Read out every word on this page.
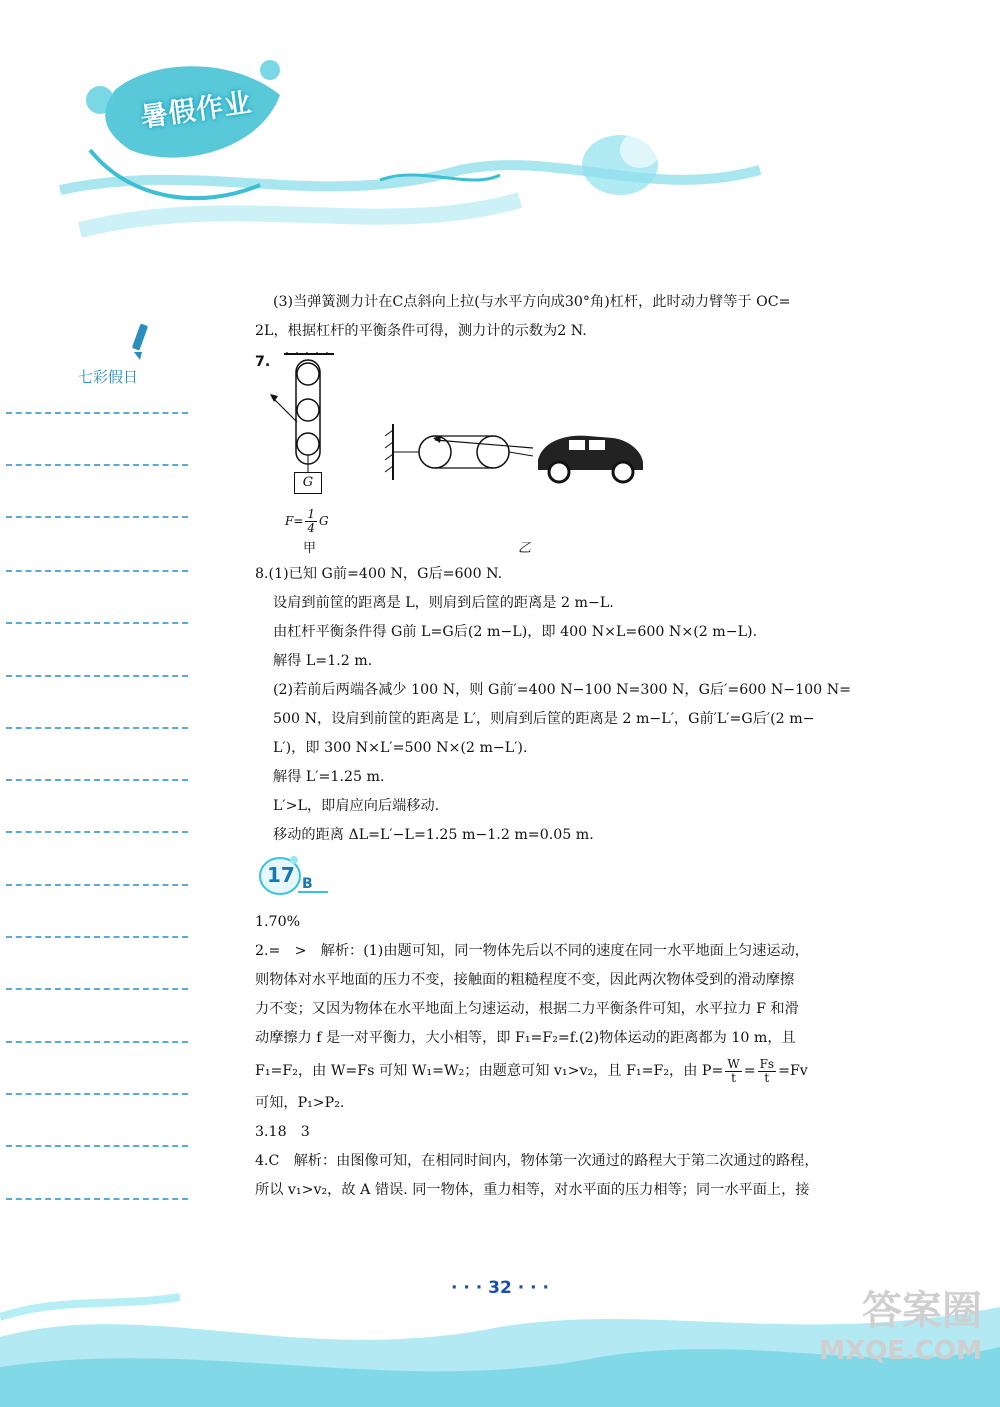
暑假作业
七彩假日
(3)当弹簧测力计在C点斜向上拉(与水平方向成30°角)杠杆，此时动力臂等于 OC=
2L，根据杠杆的平衡条件可得，测力计的示数为2 N.
7.
G
$F= \frac{1}{4}$ G
甲	乙
8.(1)已知 G前=400 N，G后=600 N.
设肩到前筐的距离是 L，则肩到后筐的距离是 2 m−L.
由杠杆平衡条件得 G前 L=G后(2 m−L)，即 400 N×L=600 N×(2 m−L).
解得 L=1.2 m.
(2)若前后两端各减少 100 N，则 G前′=400 N−100 N=300 N，G后′=600 N−100 N=
500 N，设肩到前筐的距离是 L′，则肩到后筐的距离是 2 m−L′，G前′L′=G后′(2 m−
L′)，即 300 N×L′=500 N×(2 m−L′).
解得 L′=1.25 m.
L′>L，即肩应向后端移动.
移动的距离 ΔL=L′−L=1.25 m−1.2 m=0.05 m.
17 B
1.70%
2.=　>　解析：(1)由题可知，同一物体先后以不同的速度在同一水平地面上匀速运动，
则物体对水平地面的压力不变，接触面的粗糙程度不变，因此两次物体受到的滑动摩擦
力不变；又因为物体在水平地面上匀速运动，根据二力平衡条件可知，水平拉力 F 和滑
动摩擦力 f 是一对平衡力，大小相等，即 F₁=F₂=f.(2)物体运动的距离都为 10 m，且
F₁=F₂，由 W=Fs 可知 W₁=W₂；由题意可知 v₁>v₂，且 F₁=F₂，由 $P= \frac{W}{t} = \frac{Fs}{t} =Fv$
可知，P₁>P₂.
3.18　3
4.C　解析：由图像可知，在相同时间内，物体第一次通过的路程大于第二次通过的路程，
所以 v₁>v₂，故 A 错误. 同一物体，重力相等，对水平面的压力相等；同一水平面上，接
· · · 32 · · ·	答案圈
MXQE.COM
